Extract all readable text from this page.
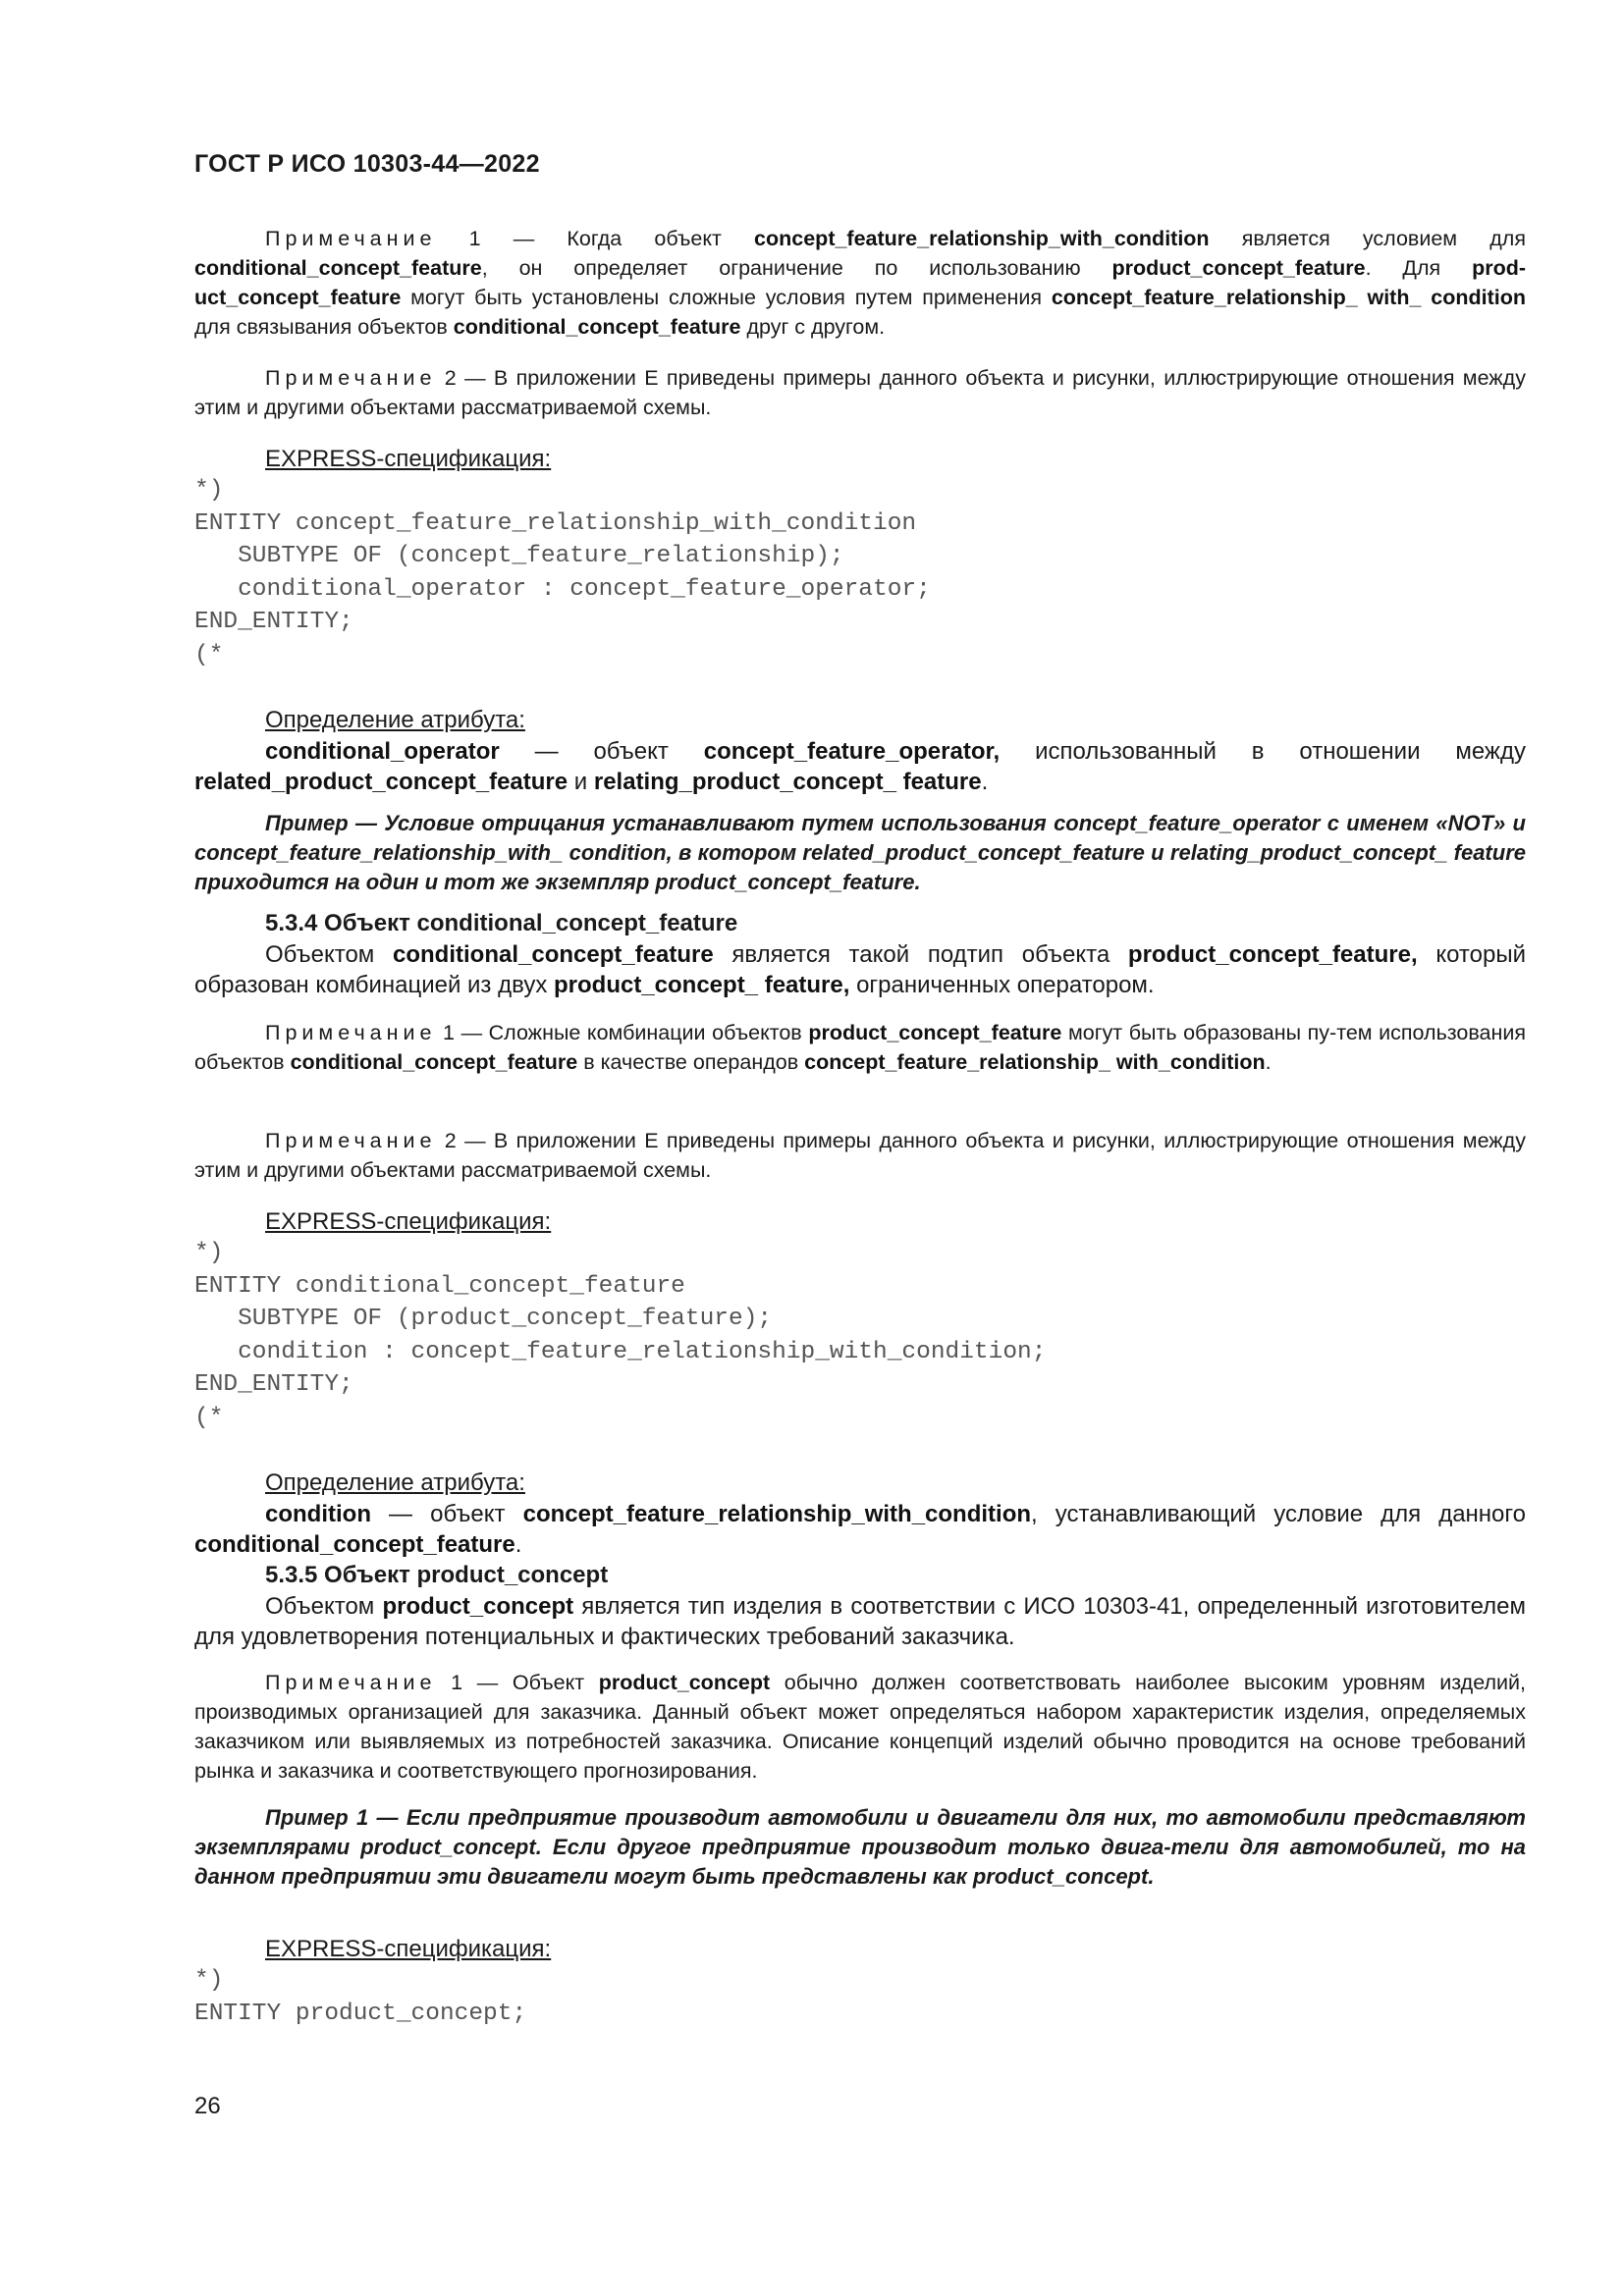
ГОСТ Р ИСО 10303-44—2022

Примечание 1 — Когда объект concept_feature_relationship_with_condition является условием для conditional_concept_feature, он определяет ограничение по использованию product_concept_feature. Для prod-uct_concept_feature могут быть установлены сложные условия путем применения concept_feature_relationship_ with_ condition для связывания объектов conditional_concept_feature друг с другом.

Примечание 2 — В приложении E приведены примеры данного объекта и рисунки, иллюстрирующие отношения между этим и другими объектами рассматриваемой схемы.

EXPRESS-спецификация:
*)
ENTITY concept_feature_relationship_with_condition
SUBTYPE OF (concept_feature_relationship);
conditional_operator : concept_feature_operator;
END_ENTITY;
(*
Определение атрибута:

conditional_operator — объект concept_feature_operator, использованный в отношении между related_product_concept_feature и relating_product_concept_ feature.

Пример — Условие отрицания устанавливают путем использования concept_feature_operator с именем «NOT» и concept_feature_relationship_with_ condition, в котором related_product_concept_feature и relating_product_concept_ feature приходится на один и тот же экземпляр product_concept_feature.

5.3.4 Объект conditional_concept_feature

Объектом conditional_concept_feature является такой подтип объекта product_concept_feature, который образован комбинацией из двух product_concept_ feature, ограниченных оператором.

Примечание 1 — Сложные комбинации объектов product_concept_feature могут быть образованы пу-тем использования объектов conditional_concept_feature в качестве операндов concept_feature_relationship_ with_condition.

Примечание 2 — В приложении E приведены примеры данного объекта и рисунки, иллюстрирующие отношения между этим и другими объектами рассматриваемой схемы.

EXPRESS-спецификация:
*)
ENTITY conditional_concept_feature
SUBTYPE OF (product_concept_feature);
condition : concept_feature_relationship_with_condition;
END_ENTITY;
(*
Определение атрибута:

condition — объект concept_feature_relationship_with_condition, устанавливающий условие для данного conditional_concept_feature.

5.3.5 Объект product_concept

Объектом product_concept является тип изделия в соответствии с ИСО 10303-41, определенный изготовителем для удовлетворения потенциальных и фактических требований заказчика.

Примечание 1 — Объект product_concept обычно должен соответствовать наиболее высоким уровням изделий, производимых организацией для заказчика. Данный объект может определяться набором характеристик изделия, определяемых заказчиком или выявляемых из потребностей заказчика. Описание концепций изделий обычно проводится на основе требований рынка и заказчика и соответствующего прогнозирования.

Пример 1 — Если предприятие производит автомобили и двигатели для них, то автомобили представляют экземплярами product_concept. Если другое предприятие производит только двига-тели для автомобилей, то на данном предприятии эти двигатели могут быть представлены как product_concept.

EXPRESS-спецификация:
*)
ENTITY product_concept;
26
